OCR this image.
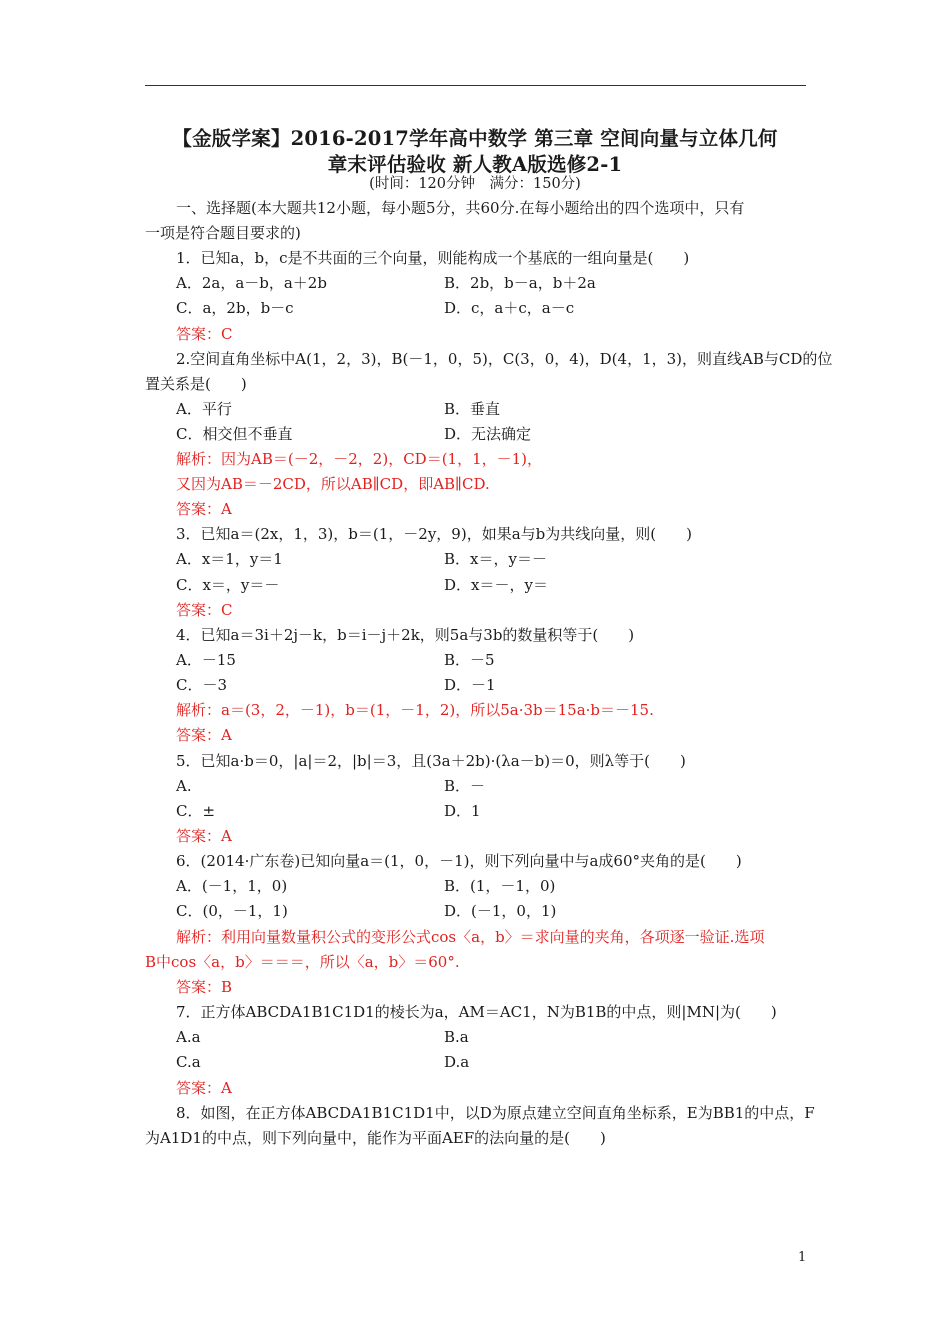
【金版学案】2016-2017学年高中数学 第三章 空间向量与立体几何
章末评估验收 新人教A版选修2-1
(时间：120分钟　满分：150分)
一、选择题(本大题共12小题，每小题5分，共60分.在每小题给出的四个选项中，只有
一项是符合题目要求的)
1．已知a，b，c是不共面的三个向量，则能构成一个基底的一组向量是(　　)
A．2a，a－b，a＋2b	B．2b，b－a，b＋2a
C．a，2b，b－c	D．c，a＋c，a－c
答案：C
2.空间直角坐标中A(1，2，3)，B(－1，0，5)，C(3，0，4)，D(4，1，3)，则直线AB与CD的位
置关系是(　　)
A．平行	B．垂直
C．相交但不垂直	D．无法确定
解析：因为AB＝(－2，－2，2)，CD＝(1，1，－1)，
又因为AB＝－2CD，所以AB∥CD，即AB∥CD.
答案：A
3．已知a＝(2x，1，3)，b＝(1，－2y，9)，如果a与b为共线向量，则(　　)
A．x＝1，y＝1	B．x＝，y＝－
C．x＝，y＝－	D．x＝－，y＝
答案：C
4．已知a＝3i＋2j－k，b＝i－j＋2k，则5a与3b的数量积等于(　　)
A．－15	B．－5
C．－3	D．－1
解析：a＝(3，2，－1)，b＝(1，－1，2)，所以5a·3b＝15a·b＝－15.
答案：A
5．已知a·b＝0，|a|＝2，|b|＝3，且(3a＋2b)·(λa－b)＝0，则λ等于(　　)
A.	B．－
C．±	D．1
答案：A
6．(2014·广东卷)已知向量a＝(1，0，－1)，则下列向量中与a成60°夹角的是(　　)
A．(－1，1，0)	B．(1，－1，0)
C．(0，－1，1)	D．(－1，0，1)
解析：利用向量数量积公式的变形公式cos〈a，b〉＝求向量的夹角，各项逐一验证.选项
B中cos〈a，b〉＝＝＝，所以〈a，b〉＝60°.
答案：B
7．正方体ABCDA1B1C1D1的棱长为a，AM＝AC1，N为B1B的中点，则|MN|为(　　)
A.a	B.a
C.a	D.a
答案：A
8．如图，在正方体ABCDA1B1C1D1中，以D为原点建立空间直角坐标系，E为BB1的中点，F
为A1D1的中点，则下列向量中，能作为平面AEF的法向量的是(　　)
1
